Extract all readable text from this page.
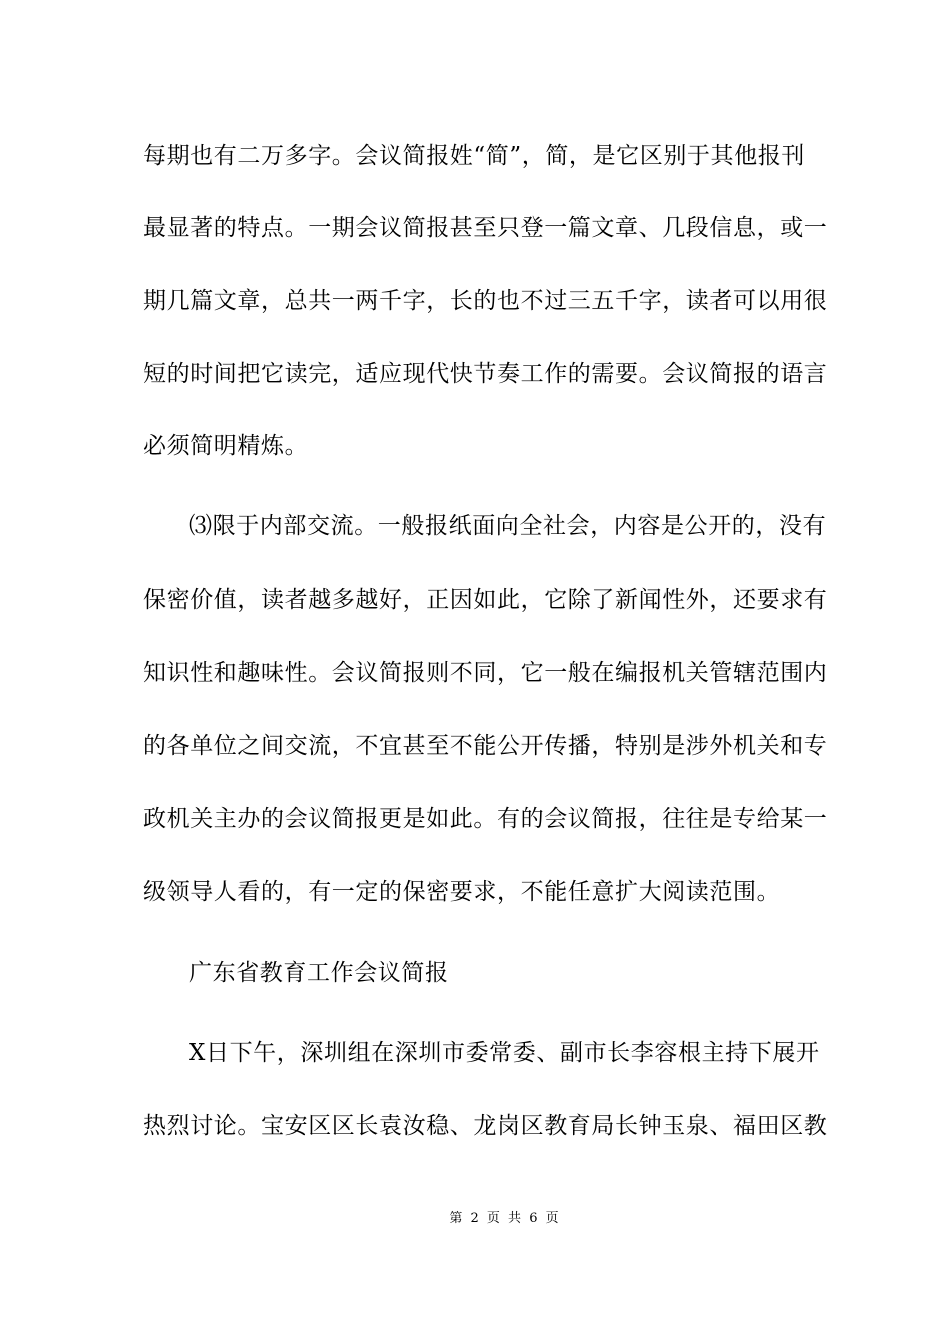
每期也有二万多字。会议简报姓“简”，简，是它区别于其他报刊
最显著的特点。一期会议简报甚至只登一篇文章、几段信息，或一
期几篇文章，总共一两千字，长的也不过三五千字，读者可以用很
短的时间把它读完，适应现代快节奏工作的需要。会议简报的语言
必须简明精炼。
⑶限于内部交流。一般报纸面向全社会，内容是公开的，没有
保密价值，读者越多越好，正因如此，它除了新闻性外，还要求有
知识性和趣味性。会议简报则不同，它一般在编报机关管辖范围内
的各单位之间交流，不宜甚至不能公开传播，特别是涉外机关和专
政机关主办的会议简报更是如此。有的会议简报，往往是专给某一
级领导人看的，有一定的保密要求，不能任意扩大阅读范围。
广东省教育工作会议简报
X日下午，深圳组在深圳市委常委、副市长李容根主持下展开
热烈讨论。宝安区区长袁汝稳、龙岗区教育局长钟玉泉、福田区教
第 2 页 共 6 页
